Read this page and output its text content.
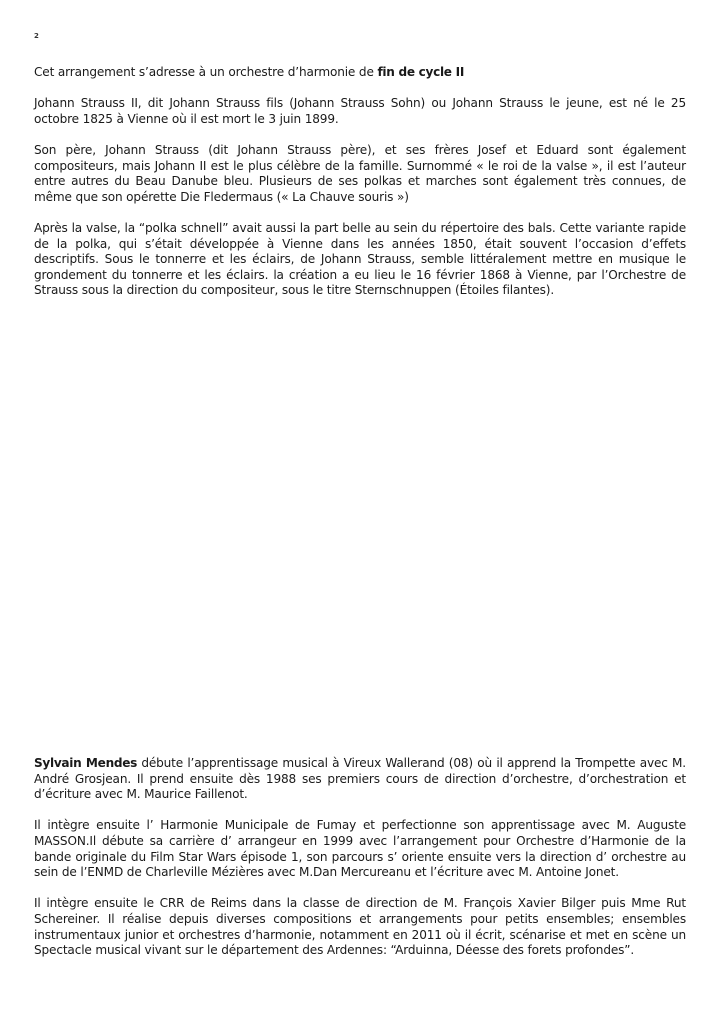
2

Cet arrangement s’adresse à un orchestre d’harmonie de fin de cycle II

Johann Strauss II, dit Johann Strauss fils (Johann Strauss Sohn) ou Johann Strauss le jeune, est né le 25 octobre 1825 à Vienne où il est mort le 3 juin 1899.

Son père, Johann Strauss (dit Johann Strauss père), et ses frères Josef et Eduard sont également compositeurs, mais Johann II est le plus célèbre de la famille. Surnommé « le roi de la valse », il est l’auteur entre autres du Beau Danube bleu. Plusieurs de ses polkas et marches sont également très connues, de même que son opérette Die Fledermaus (« La Chauve souris »)

Après la valse, la “polka schnell” avait aussi la part belle au sein du répertoire des bals. Cette variante rapide de la polka, qui s’était développée à Vienne dans les années 1850, était souvent l’occasion d’effets descriptifs. Sous le tonnerre et les éclairs, de Johann Strauss, semble littéralement mettre en musique le grondement du tonnerre et les éclairs. la création a eu lieu le 16 février 1868 à Vienne, par l’Orchestre de Strauss sous la direction du compositeur, sous le titre Sternschnuppen (Étoiles filantes).

Sylvain Mendes débute l’apprentissage musical à Vireux Wallerand (08) où il apprend la Trompette avec M. André Grosjean. Il prend ensuite dès 1988 ses premiers cours de direction d’orchestre, d’orchestration et d’écriture avec M. Maurice Faillenot.

Il intègre ensuite l’ Harmonie Municipale de Fumay et perfectionne son apprentissage avec M. Auguste MASSON.Il débute sa carrière d’ arrangeur en 1999 avec l’arrangement pour Orchestre d’Harmonie de la bande originale du Film Star Wars épisode 1, son parcours s’ oriente ensuite vers la direction d’ orchestre au sein de l’ENMD de Charleville Mézières avec M.Dan Mercureanu et l’écriture avec M. Antoine Jonet.

Il intègre ensuite le CRR de Reims dans la classe de direction de M. François Xavier Bilger puis Mme Rut Schereiner. Il réalise depuis diverses compositions et arrangements pour petits ensembles; ensembles instrumentaux junior et orchestres d’harmonie, notamment en 2011 où il écrit, scénarise et met en scène un Spectacle musical vivant sur le département des Ardennes: “Arduinna, Déesse des forets profondes”.
